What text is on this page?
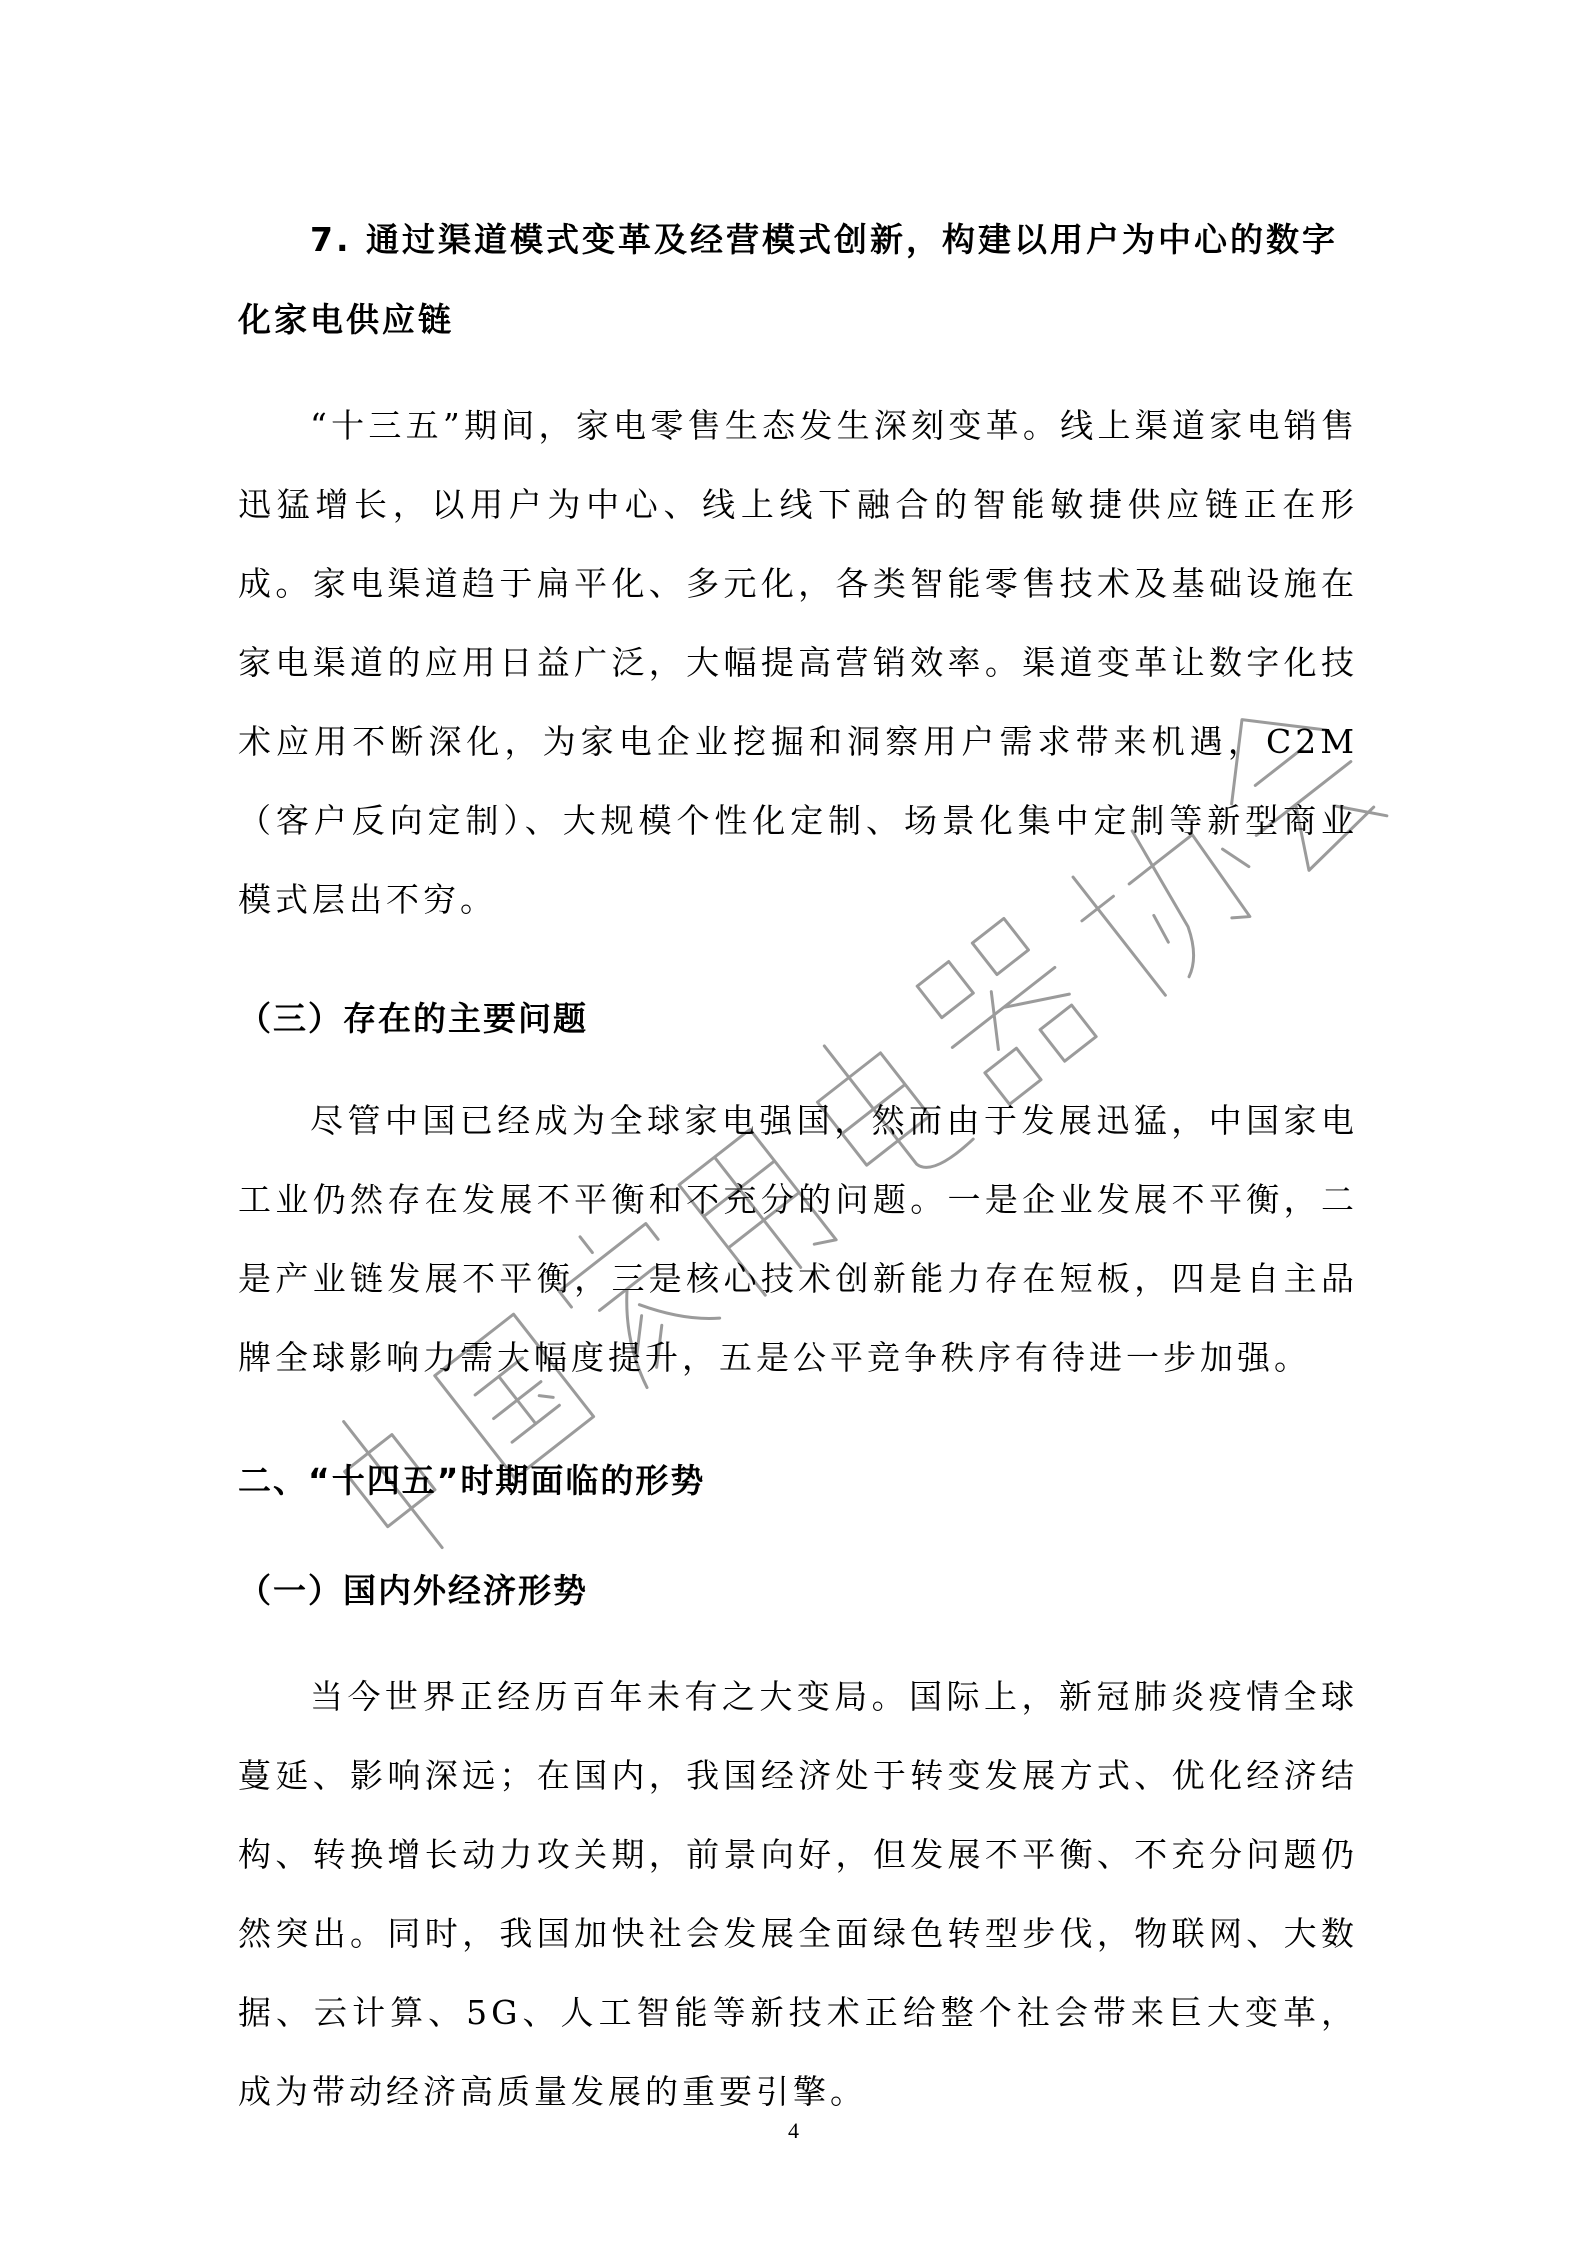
7. 通过渠道模式变革及经营模式创新，构建以用户为中心的数字化家电供应链

“十三五”期间，家电零售生态发生深刻变革。线上渠道家电销售迅猛增长，以用户为中心、线上线下融合的智能敏捷供应链正在形成。家电渠道趋于扁平化、多元化，各类智能零售技术及基础设施在家电渠道的应用日益广泛，大幅提高营销效率。渠道变革让数字化技术应用不断深化，为家电企业挖掘和洞察用户需求带来机遇，C2M（客户反向定制）、大规模个性化定制、场景化集中定制等新型商业模式层出不穷。

（三）存在的主要问题

尽管中国已经成为全球家电强国，然而由于发展迅猛，中国家电工业仍然存在发展不平衡和不充分的问题。一是企业发展不平衡，二是产业链发展不平衡，三是核心技术创新能力存在短板，四是自主品牌全球影响力需大幅度提升，五是公平竞争秩序有待进一步加强。

二、“十四五”时期面临的形势

（一）国内外经济形势

当今世界正经历百年未有之大变局。国际上，新冠肺炎疫情全球蔓延、影响深远；在国内，我国经济处于转变发展方式、优化经济结构、转换增长动力攻关期，前景向好，但发展不平衡、不充分问题仍然突出。同时，我国加快社会发展全面绿色转型步伐，物联网、大数据、云计算、5G、人工智能等新技术正给整个社会带来巨大变革，成为带动经济高质量发展的重要引擎。

4
